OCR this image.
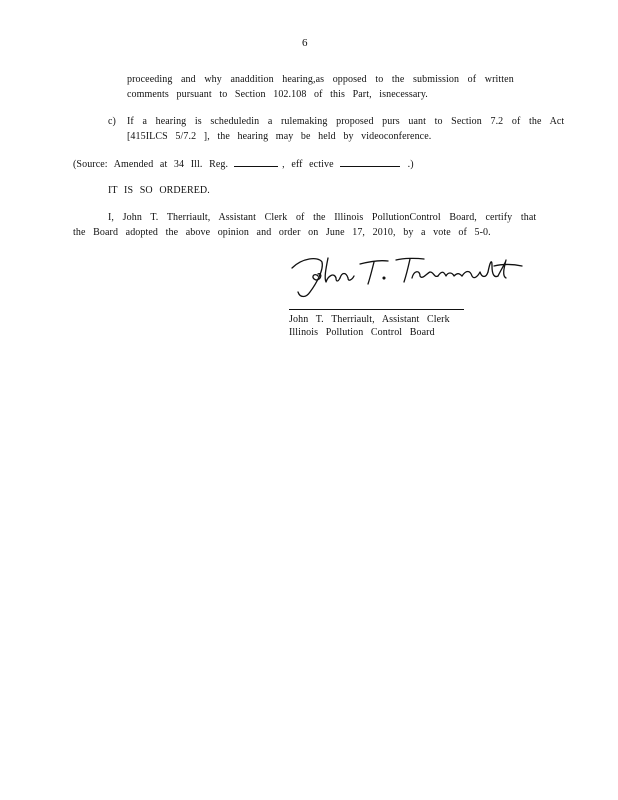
6
proceeding and why anaddition hearing,as opposed to the submission of written
comments pursuant to Section 102.108 of this Part, isnecessary.
c) If a hearing is scheduledin a rulemaking proposed purs uant to Section 7.2 of the Act
[415ILCS 5/7.2 ], the hearing may be held by videoconference.
(Source: Amended at 34 Ill. Reg.	, eff ective	.)
IT IS SO ORDERED.
I, John T. Therriault, Assistant Clerk of the Illinois PollutionControl Board, certify that
the Board adopted the above opinion and order on June 17, 2010, by a vote of 5-0.
John T. Therriault, Assistant Clerk
Illinois Pollution Control Board
